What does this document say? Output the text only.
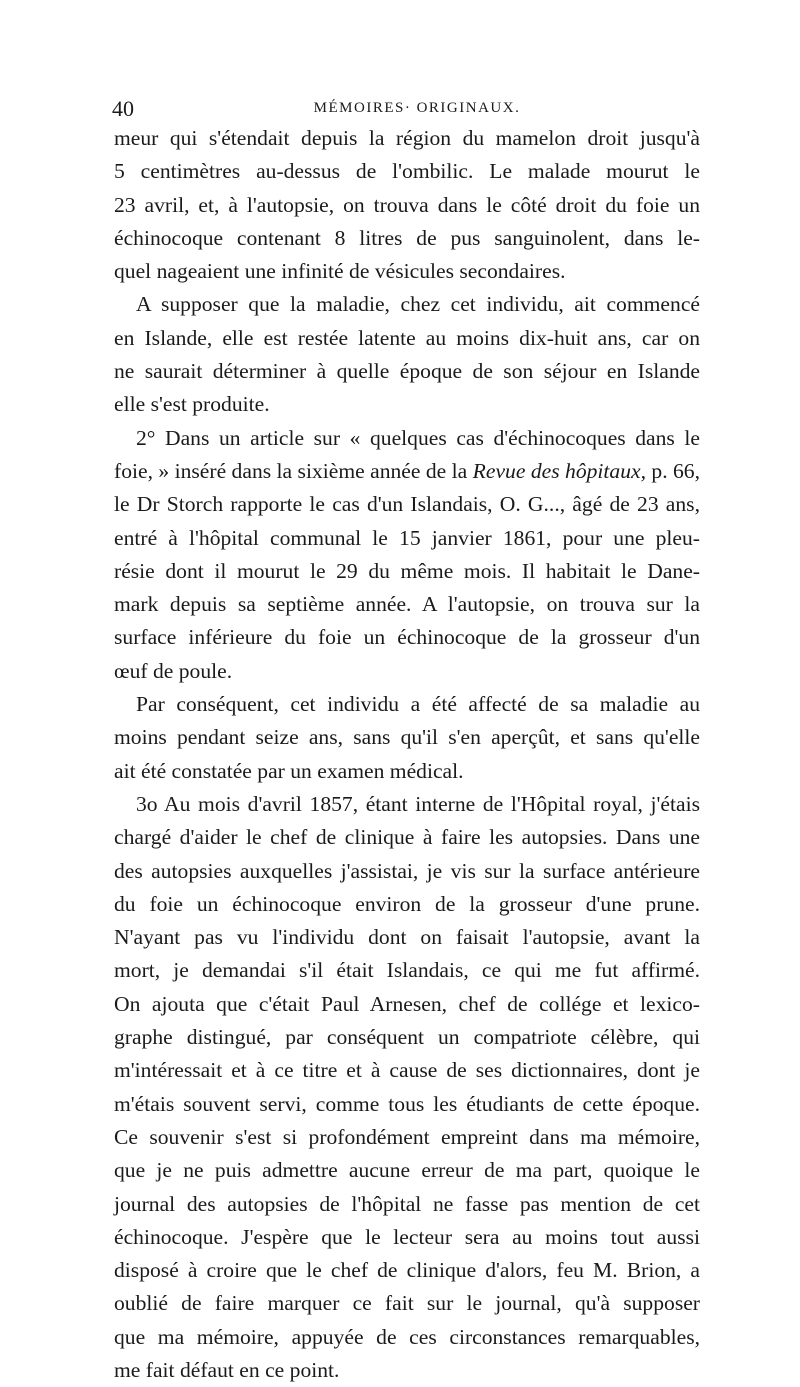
40	MÉMOIRES· ORIGINAUX.

meur qui s'étendait depuis la région du mamelon droit jusqu'à
5 centimètres au-dessus de l'ombilic. Le malade mourut le
23 avril, et, à l'autopsie, on trouva dans le côté droit du foie un
échinocoque contenant 8 litres de pus sanguinolent, dans le-
quel nageaient une infinité de vésicules secondaires.

A supposer que la maladie, chez cet individu, ait commencé
en Islande, elle est restée latente au moins dix-huit ans, car on
ne saurait déterminer à quelle époque de son séjour en Islande
elle s'est produite.

2° Dans un article sur « quelques cas d'échinocoques dans le
foie, » inséré dans la sixième année de la Revue des hôpitaux, p. 66,
le Dr Storch rapporte le cas d'un Islandais, O. G..., âgé de 23 ans,
entré à l'hôpital communal le 15 janvier 1861, pour une pleu-
résie dont il mourut le 29 du même mois. Il habitait le Dane-
mark depuis sa septième année. A l'autopsie, on trouva sur la
surface inférieure du foie un échinocoque de la grosseur d'un
œuf de poule.

Par conséquent, cet individu a été affecté de sa maladie au
moins pendant seize ans, sans qu'il s'en aperçût, et sans qu'elle
ait été constatée par un examen médical.

3o Au mois d'avril 1857, étant interne de l'Hôpital royal, j'étais
chargé d'aider le chef de clinique à faire les autopsies. Dans une
des autopsies auxquelles j'assistai, je vis sur la surface antérieure
du foie un échinocoque environ de la grosseur d'une prune.
N'ayant pas vu l'individu dont on faisait l'autopsie, avant la
mort, je demandai s'il était Islandais, ce qui me fut affirmé.
On ajouta que c'était Paul Arnesen, chef de collége et lexico-
graphe distingué, par conséquent un compatriote célèbre, qui
m'intéressait et à ce titre et à cause de ses dictionnaires, dont je
m'étais souvent servi, comme tous les étudiants de cette époque.
Ce souvenir s'est si profondément empreint dans ma mémoire,
que je ne puis admettre aucune erreur de ma part, quoique le
journal des autopsies de l'hôpital ne fasse pas mention de cet
échinocoque. J'espère que le lecteur sera au moins tout aussi
disposé à croire que le chef de clinique d'alors, feu M. Brion, a
oublié de faire marquer ce fait sur le journal, qu'à supposer
que ma mémoire, appuyée de ces circonstances remarquables,
me fait défaut en ce point.
